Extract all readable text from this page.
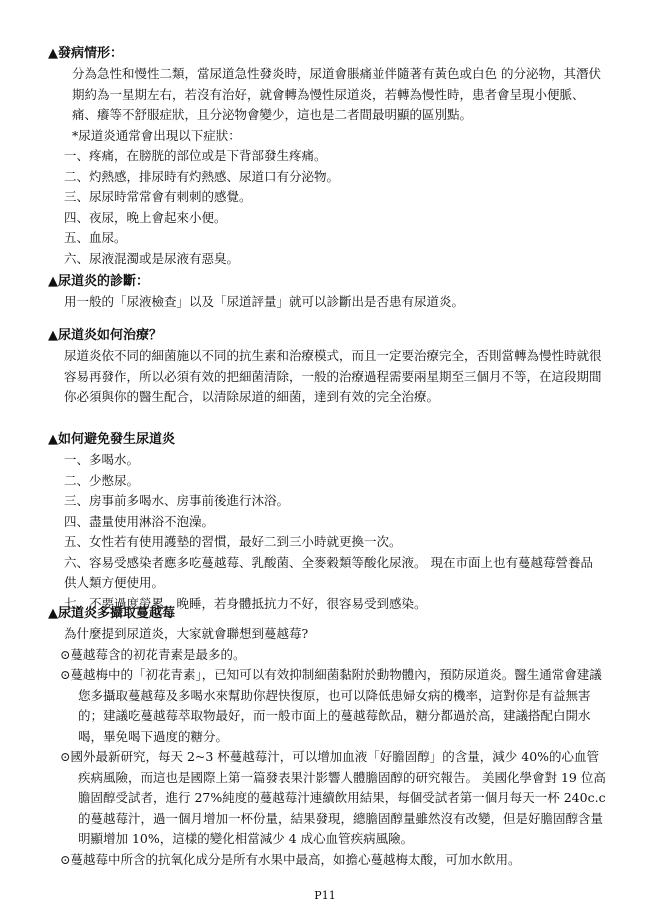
▲發病情形：

分為急性和慢性二類，當尿道急性發炎時，尿道會脹痛並伴隨著有黃色或白色 的分泌物，其潛伏期約為一星期左右，若沒有治好，就會轉為慢性尿道炎，若轉為慢性時，患者會呈現小便脈、痛、癢等不舒服症狀，且分泌物會變少，這也是二者間最明顯的區別點。

*尿道炎通常會出現以下症狀：

一、疼痛，在膀胱的部位或是下背部發生疼痛。

二、灼熱感，排尿時有灼熱感、尿道口有分泌物。

三、尿尿時常常會有刺刺的感覺。

四、夜尿，晚上會起來小便。

五、血尿。

六、尿液混濁或是尿液有惡臭。

▲尿道炎的診斷：

用一般的「尿液檢查」以及「尿道評量」就可以診斷出是否患有尿道炎。

▲尿道炎如何治療？

尿道炎依不同的細菌施以不同的抗生素和治療模式，而且一定要治療完全，否則當轉為慢性時就很容易再發作，所以必須有效的把細菌清除，一般的治療過程需要兩星期至三個月不等，在這段期間你必須與你的醫生配合，以清除尿道的細菌，達到有效的完全治療。

▲如何避免發生尿道炎

一、多喝水。

二、少憋尿。

三、房事前多喝水、房事前後進行沐浴。

四、盡量使用淋浴不泡澡。

五、女性若有使用護墊的習慣，最好二到三小時就更換一次。

六、容易受感染者應多吃蔓越莓、乳酸菌、全麥穀類等酸化尿液。 現在市面上也有蔓越莓營養品供人類方便使用。

七、不要過度勞累、晚睡，若身體抵抗力不好，很容易受到感染。

▲尿道炎多攝取蔓越莓

為什麼提到尿道炎，大家就會聯想到蔓越莓?

⊙蔓越莓含的初花青素是最多的。

⊙蔓越梅中的「初花青素」，已知可以有效抑制細菌黏附於動物體內，預防尿道炎。醫生通常會建議您多攝取蔓越莓及多喝水來幫助你趕快復原，也可以降低患婦女病的機率，這對你是有益無害的；建議吃蔓越莓萃取物最好，而一般市面上的蔓越莓飲品，糖分都過於高，建議搭配白開水喝，畢免喝下過度的糖分。

⊙國外最新研究，每天 2~3 杯蔓越莓汁，可以增加血液「好膽固醇」的含量，減少 40%的心血管疾病風險，而這也是國際上第一篇發表果汁影響人體膽固醇的研究報告。 美國化學會對 19 位高膽固醇受試者，進行 27%純度的蔓越莓汁連續飲用結果，每個受試者第一個月每天一杯 240c.c 的蔓越莓汁，過一個月增加一杯份量，結果發現，總膽固醇量雖然沒有改變，但是好膽固醇含量明顯增加 10%，這樣的變化相當減少 4 成心血管疾病風險。

⊙蔓越莓中所含的抗氧化成分是所有水果中最高，如擔心蔓越梅太酸，可加水飲用。

P11
